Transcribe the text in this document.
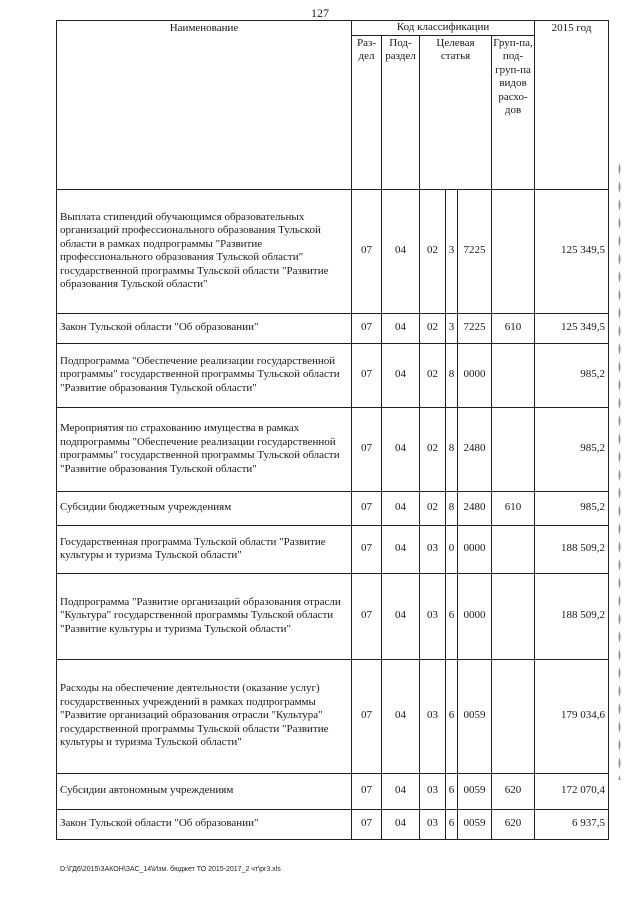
127
Наименование	Код классификации						2015 год
	Раз-дел	Под-раздел	Целевая статья			Груп-па, под-груп-па видов расхо-дов	
Выплата стипендий обучающимся образовательных организаций профессионального образования Тульской области в рамках подпрограммы "Развитие профессионального образования Тульской области" государственной программы Тульской области "Развитие образования Тульской области"	07	04	02	3	7225		125 349,5
Закон Тульской области "Об образовании"	07	04	02	3	7225	610	125 349,5
Подпрограмма "Обеспечение реализации государственной программы" государственной программы Тульской области "Развитие образования Тульской области"	07	04	02	8	0000		985,2
Мероприятия по страхованию имущества в рамках подпрограммы "Обеспечение реализации государственной программы" государственной программы Тульской области "Развитие образования Тульской области"	07	04	02	8	2480		985,2
Субсидии бюджетным учреждениям	07	04	02	8	2480	610	985,2
Государственная программа Тульской области "Развитие культуры и туризма Тульской области"	07	04	03	0	0000		188 509,2
Подпрограмма "Развитие организаций образования отрасли "Культура" государственной программы Тульской области "Развитие культуры и туризма Тульской области"	07	04	03	6	0000		188 509,2
Расходы на обеспечение деятельности (оказание услуг) государственных учреждений в рамках подпрограммы "Развитие организаций образования отрасли "Культура" государственной программы Тульской области "Развитие культуры и туризма Тульской области"	07	04	03	6	0059		179 034,6
Субсидии автономным учреждениям	07	04	03	6	0059	620	172 070,4
Закон Тульской области "Об образовании"	07	04	03	6	0059	620	6 937,5
D:\ГД6\2015\ЗАКОН\ЗАС_14\Изм. бюджет ТО 2015-2017_2 чт\pr3.xls
